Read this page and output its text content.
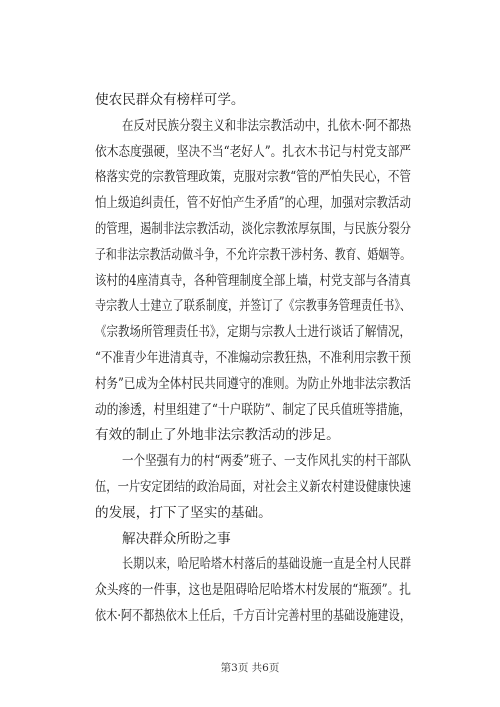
使农民群众有榜样可学。
在反对民族分裂主义和非法宗教活动中，扎依木·阿不都热
依木态度强硬，坚决不当“老好人”。扎衣木书记与村党支部严
格落实党的宗教管理政策，克服对宗教“管的严怕失民心，不管
怕上级追纠责任，管不好怕产生矛盾”的心理，加强对宗教活动
的管理，遏制非法宗教活动，淡化宗教浓厚氛围，与民族分裂分
子和非法宗教活动做斗争，不允许宗教干涉村务、教育、婚姻等。
该村的4座清真寺，各种管理制度全部上墙，村党支部与各清真
寺宗教人士建立了联系制度，并签订了《宗教事务管理责任书》、
《宗教场所管理责任书》，定期与宗教人士进行谈话了解情况，
“不准青少年进清真寺，不准煽动宗教狂热，不准利用宗教干预
村务”已成为全体村民共同遵守的准则。为防止外地非法宗教活
动的渗透，村里组建了“十户联防”、制定了民兵值班等措施，
有效的制止了外地非法宗教活动的涉足。
一个坚强有力的村“两委”班子、一支作风扎实的村干部队
伍，一片安定团结的政治局面，对社会主义新农村建设健康快速
的发展，打下了坚实的基础。
解决群众所盼之事
长期以来，哈尼哈塔木村落后的基础设施一直是全村人民群
众头疼的一件事，这也是阻碍哈尼哈塔木村发展的“瓶颈”。扎
依木·阿不都热依木上任后，千方百计完善村里的基础设施建设，
第3页 共6页
